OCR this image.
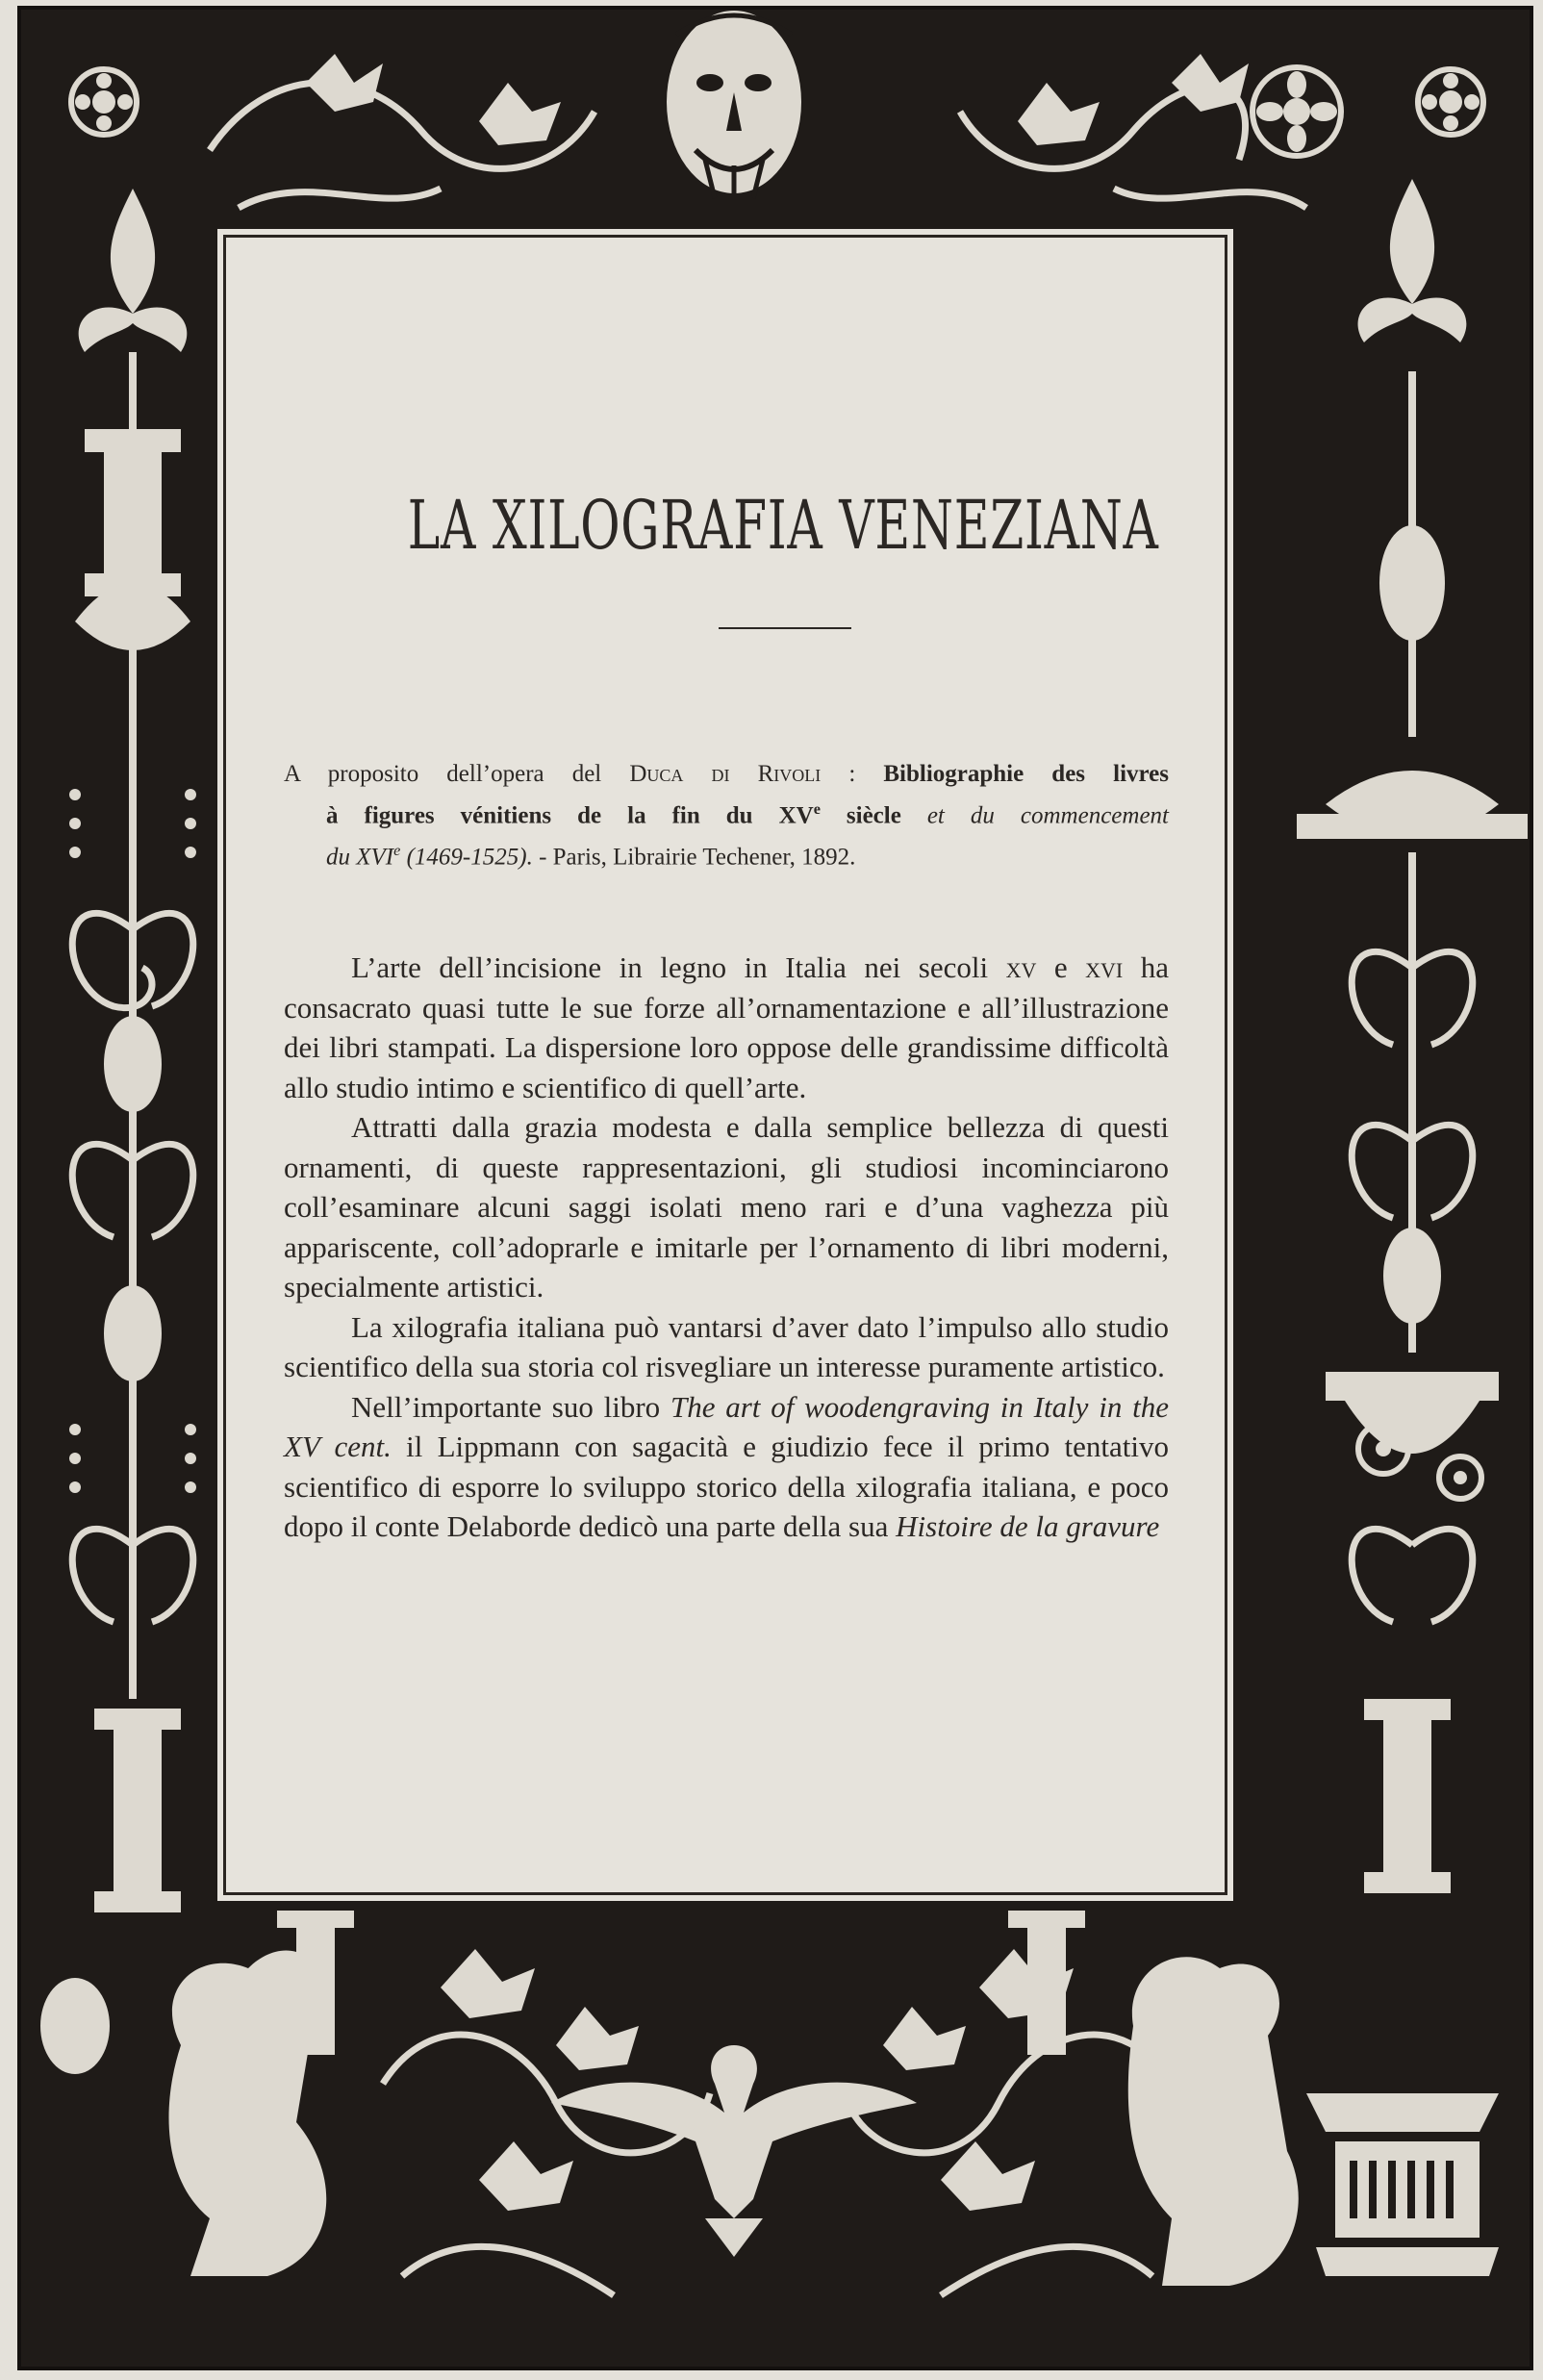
LA XILOGRAFIA VENEZIANA
A proposito dell’opera del Duca di Rivoli : Bibliographie des livres
à figures vénitiens de la fin du XVe siècle et du commencement
du XVIe (1469-1525). - Paris, Librairie Techener, 1892.

L’arte dell’incisione in legno in Italia nei secoli xv e xvi ha consacrato quasi tutte le sue forze all’ornamentazione e all’illustrazione dei libri stampati. La dispersione loro oppose delle grandissime difficoltà allo studio intimo e scientifico di quell’arte.

Attratti dalla grazia modesta e dalla semplice bellezza di questi ornamenti, di queste rappresentazioni, gli studiosi incominciarono coll’esaminare alcuni saggi isolati meno rari e d’una vaghezza più appariscente, coll’adoprarle e imitarle per l’ornamento di libri moderni, specialmente artistici.

La xilografia italiana può vantarsi d’aver dato l’impulso allo studio scientifico della sua storia col risvegliare un interesse puramente artistico.

Nell’importante suo libro The art of woodengraving in Italy in the XV cent. il Lippmann con sagacità e giudizio fece il primo tentativo scientifico di esporre lo sviluppo storico della xilografia italiana, e poco dopo il conte Delaborde dedicò una parte della sua Histoire de la gravure
